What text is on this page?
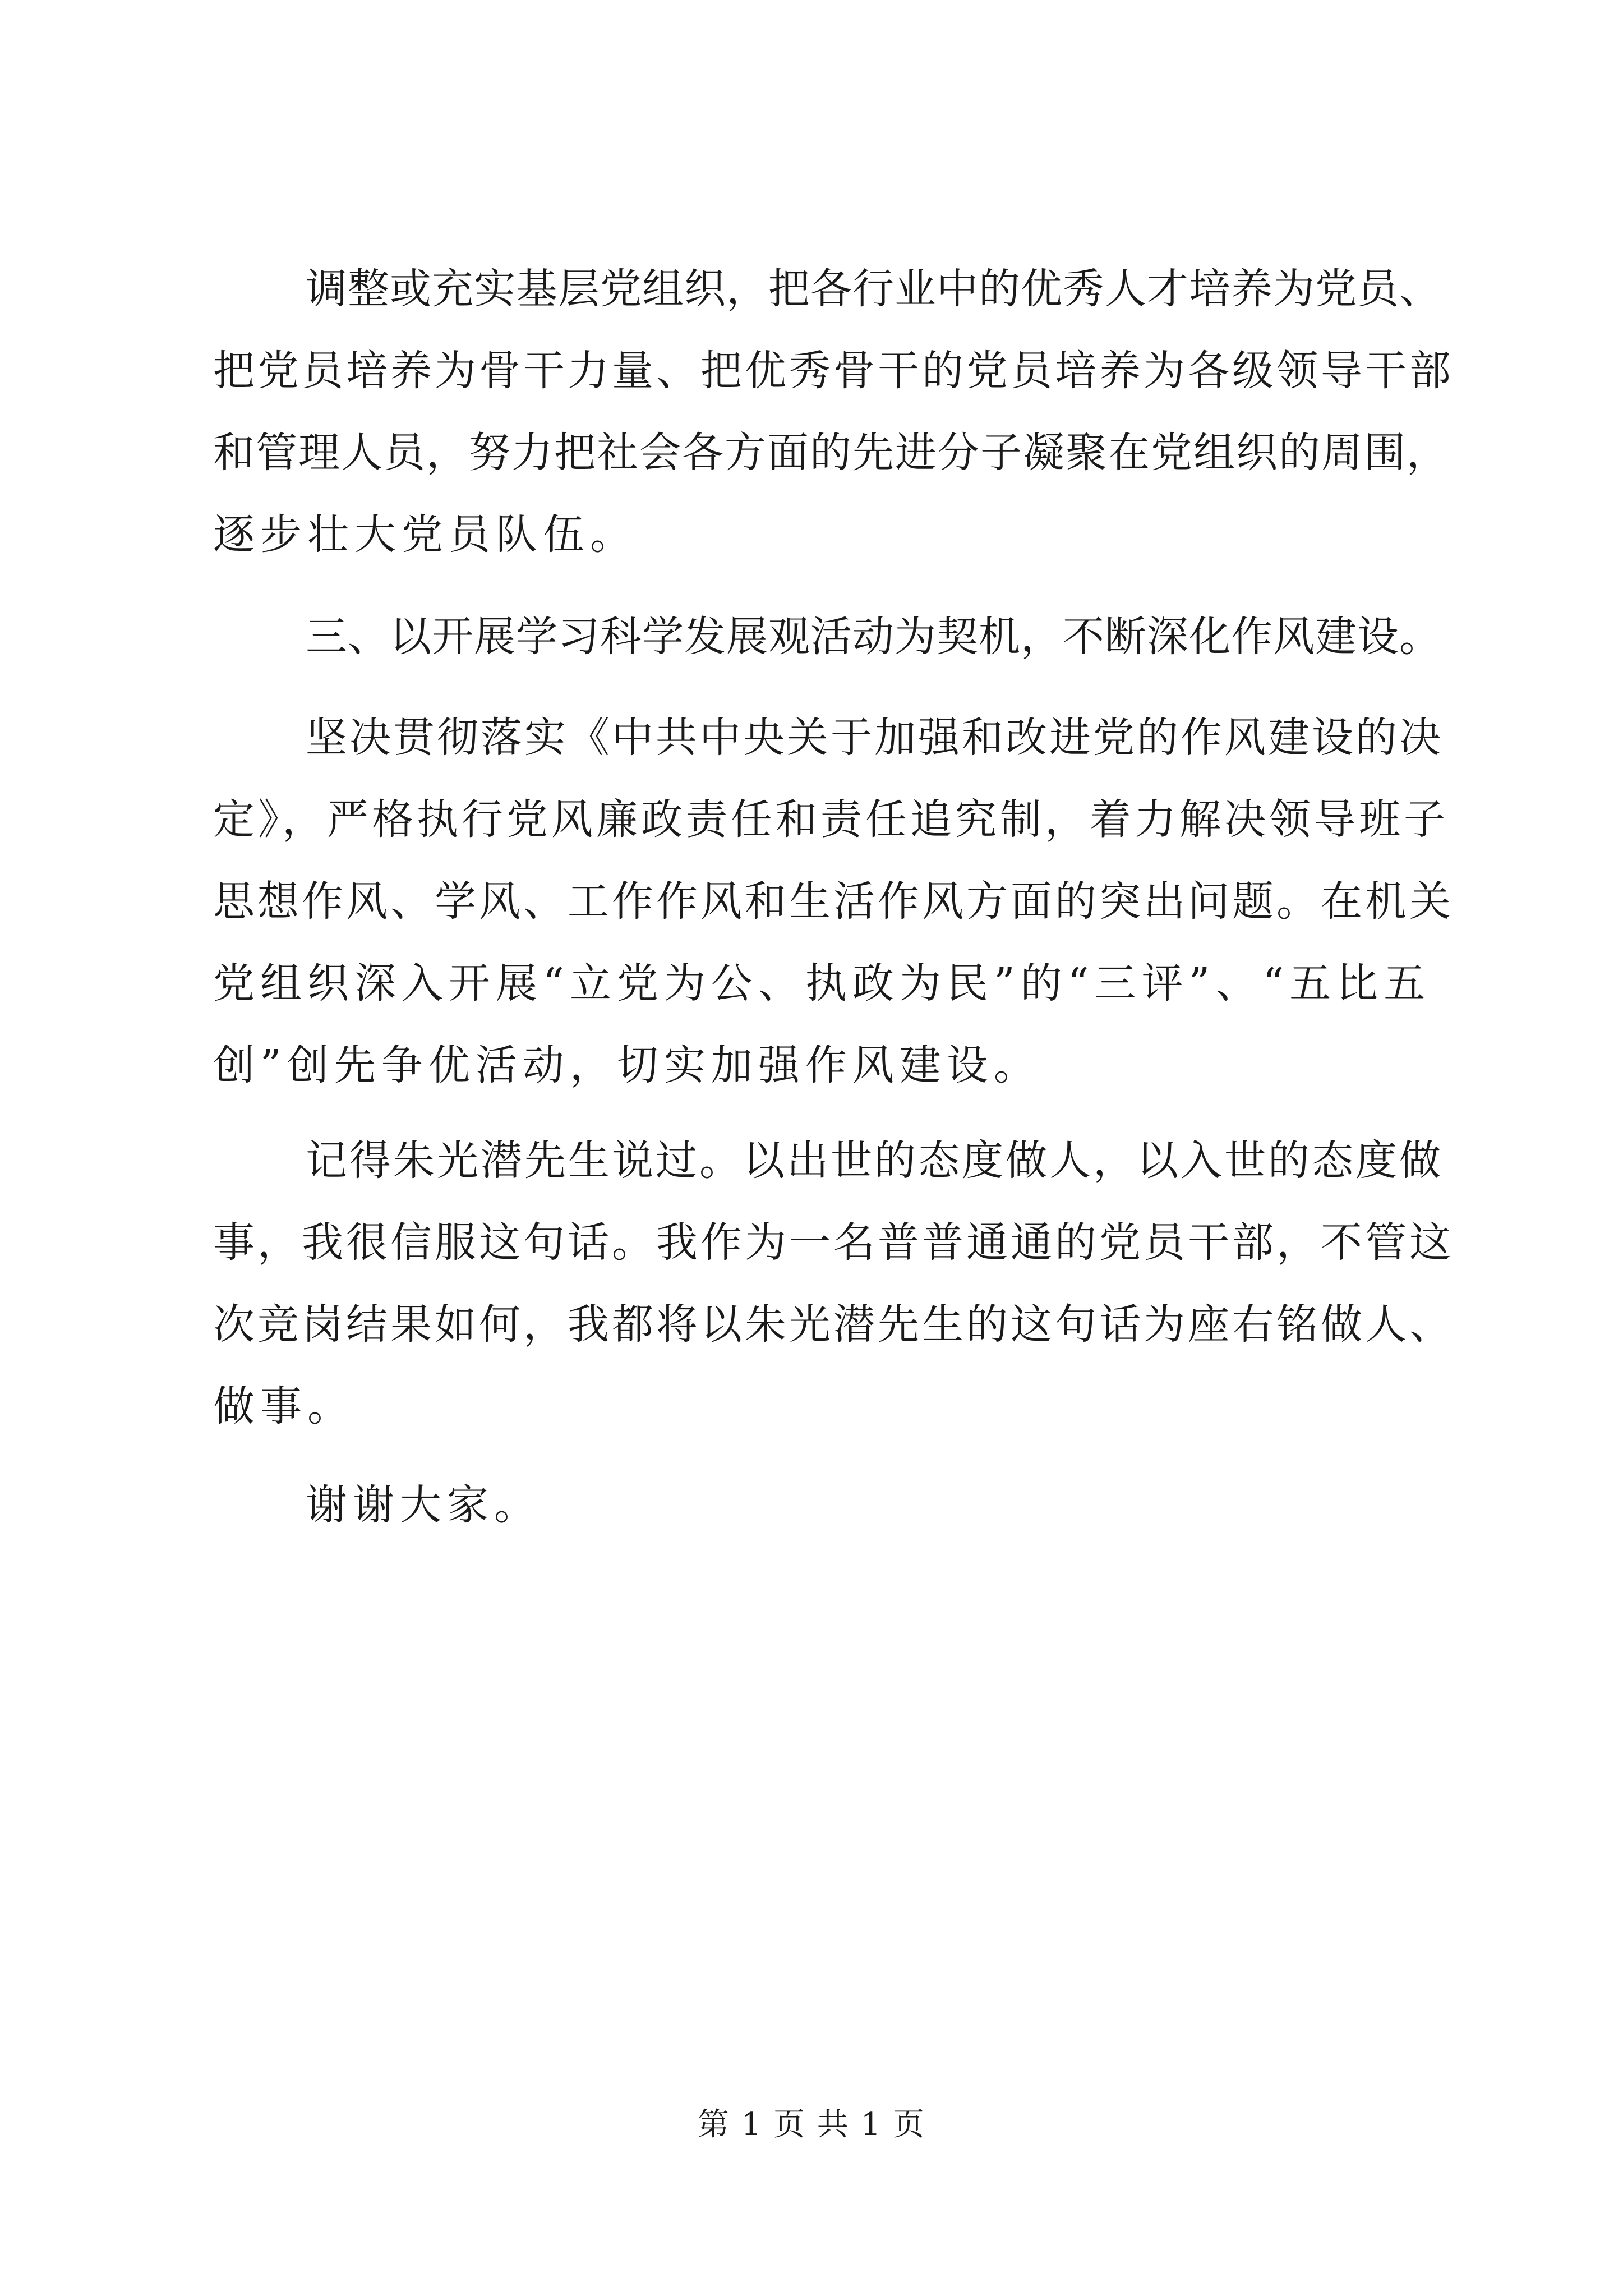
调整或充实基层党组织，把各行业中的优秀人才培养为党员、
把党员培养为骨干力量、把优秀骨干的党员培养为各级领导干部
和管理人员，努力把社会各方面的先进分子凝聚在党组织的周围，
逐步壮大党员队伍。
三、以开展学习科学发展观活动为契机，不断深化作风建设。
坚决贯彻落实《中共中央关于加强和改进党的作风建设的决
定》，严格执行党风廉政责任和责任追究制，着力解决领导班子
思想作风、学风、工作作风和生活作风方面的突出问题。在机关
党组织深入开展“立党为公、执政为民”的“三评”、“五比五
创”创先争优活动，切实加强作风建设。
记得朱光潜先生说过。以出世的态度做人，以入世的态度做
事，我很信服这句话。我作为一名普普通通的党员干部，不管这
次竞岗结果如何，我都将以朱光潜先生的这句话为座右铭做人、
做事。
谢谢大家。
第 1 页 共 1 页
